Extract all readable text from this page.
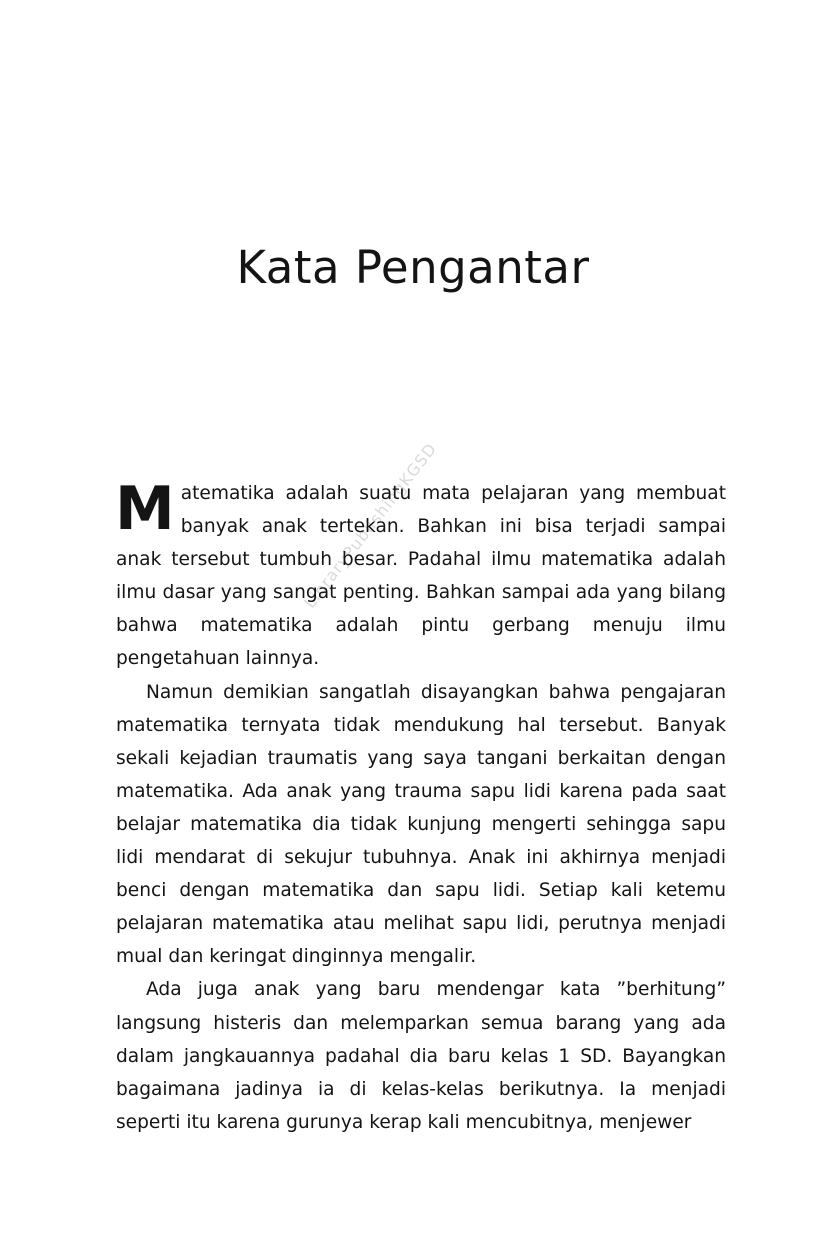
Kata Pengantar
LibraryPublishingKGSD

Matematika adalah suatu mata pelajaran yang membuat banyak anak tertekan. Bahkan ini bisa terjadi sampai anak tersebut tumbuh besar. Padahal ilmu matematika adalah ilmu dasar yang sangat penting. Bahkan sampai ada yang bilang bahwa matematika adalah pintu gerbang menuju ilmu pengetahuan lainnya.

Namun demikian sangatlah disayangkan bahwa pengajaran matematika ternyata tidak mendukung hal tersebut. Banyak sekali kejadian traumatis yang saya tangani berkaitan dengan matematika. Ada anak yang trauma sapu lidi karena pada saat belajar matematika dia tidak kunjung mengerti sehingga sapu lidi mendarat di sekujur tubuhnya. Anak ini akhirnya menjadi benci dengan matematika dan sapu lidi. Setiap kali ketemu pelajaran matematika atau melihat sapu lidi, perutnya menjadi mual dan keringat dinginnya mengalir.

Ada juga anak yang baru mendengar kata ”berhitung” langsung histeris dan melemparkan semua barang yang ada dalam jangkauannya padahal dia baru kelas 1 SD. Bayangkan bagaimana jadinya ia di kelas-kelas berikutnya. Ia menjadi seperti itu karena gurunya kerap kali mencubitnya, menjewer
